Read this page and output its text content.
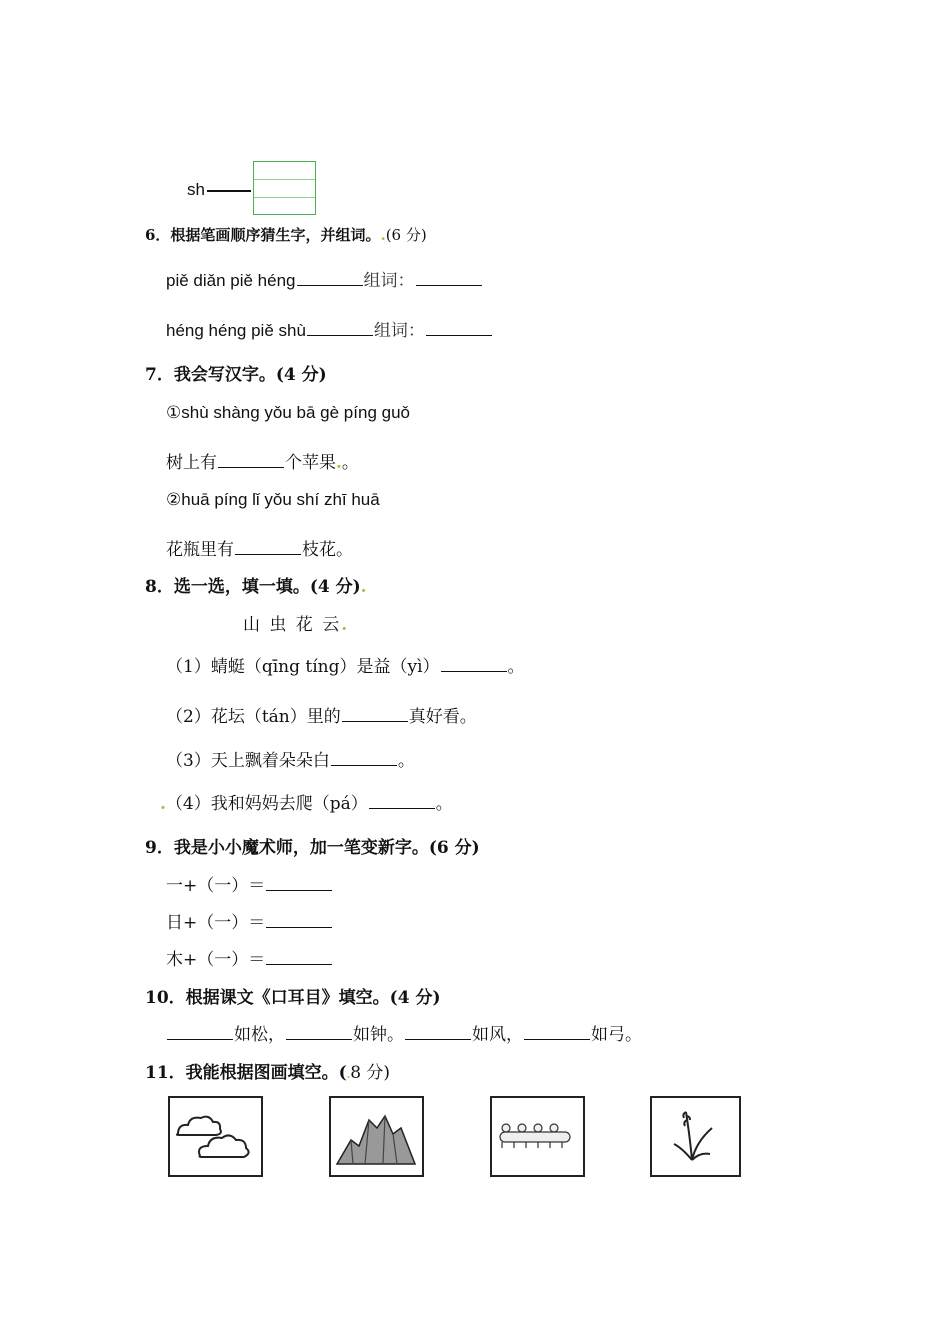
sh
6．根据笔画顺序猜生字，并组词。.(6 分)
piě diǎn piě héng	组词：
héng héng piě shù	组词：
7．我会写汉字。(4 分)
①shù shàng yǒu bā gè píng guǒ
树上有	个苹果.。
②huā píng lǐ yǒu shí zhī huā
花瓶里有	枝花。
8．选一选，填一填。(4 分).
山 虫 花 云.
（1）蜻蜓（qīng tíng）是益（yì）	。
（2）花坛（tán）里的	真好看。
（3）天上飘着朵朵白	。
.（4）我和妈妈去爬（pá）	。
9．我是小小魔术师，加一笔变新字。(6 分)
一+（一）＝
日+（一）＝
木+（一）＝
10．根据课文《口耳目》填空。(4 分)
如松，	如钟。	如风，	如弓。
11．我能根据图画填空。(.8 分)
